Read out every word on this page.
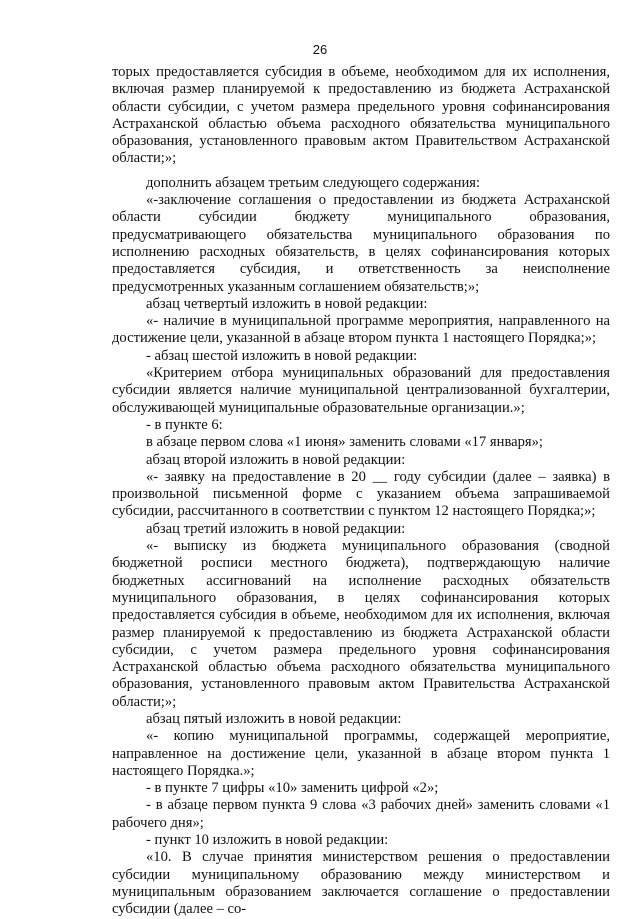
26

торых предоставляется субсидия в объеме, необходимом для их исполнения, включая размер планируемой к предоставлению из бюджета Астраханской области субсидии, с учетом размера предельного уровня софинансирования Астраханской областью объема расходного обязательства муниципального образования, установленного правовым актом Правительством Астраханской области;»;

дополнить абзацем третьим следующего содержания:

«-заключение соглашения о предоставлении из бюджета Астраханской области субсидии бюджету муниципального образования, предусматривающего обязательства муниципального образования по исполнению расходных обязательств, в целях софинансирования которых предоставляется субсидия, и ответственность за неисполнение предусмотренных указанным соглашением обязательств;»;

абзац четвертый изложить в новой редакции:

«- наличие в муниципальной программе мероприятия, направленного на достижение цели, указанной в абзаце втором пункта 1 настоящего Порядка;»;

- абзац шестой изложить в новой редакции:

«Критерием отбора муниципальных образований для предоставления субсидии является наличие муниципальной централизованной бухгалтерии, обслуживающей муниципальные образовательные организации.»;

- в пункте 6:

в абзаце первом слова «1 июня» заменить словами «17 января»;

абзац второй изложить в новой редакции:

«- заявку на предоставление в 20 __ году субсидии (далее – заявка) в произвольной письменной форме с указанием объема запрашиваемой субсидии, рассчитанного в соответствии с пунктом 12 настоящего Порядка;»;

абзац третий изложить в новой редакции:

«- выписку из бюджета муниципального образования (сводной бюджетной росписи местного бюджета), подтверждающую наличие бюджетных ассигнований на исполнение расходных обязательств муниципального образования, в целях софинансирования которых предоставляется субсидия в объеме, необходимом для их исполнения, включая размер планируемой к предоставлению из бюджета Астраханской области субсидии, с учетом размера предельного уровня софинансирования Астраханской областью объема расходного обязательства муниципального образования, установленного правовым актом Правительства Астраханской области;»;

абзац пятый изложить в новой редакции:

«- копию муниципальной программы, содержащей мероприятие, направленное на достижение цели, указанной в абзаце втором пункта 1 настоящего Порядка.»;

- в пункте 7 цифры «10» заменить цифрой «2»;

- в абзаце первом пункта 9 слова «3 рабочих дней» заменить словами «1 рабочего дня»;

- пункт 10 изложить в новой редакции:

«10. В случае принятия министерством решения о предоставлении субсидии муниципальному образованию между министерством и муниципальным образованием заключается соглашение о предоставлении субсидии (далее – со-
